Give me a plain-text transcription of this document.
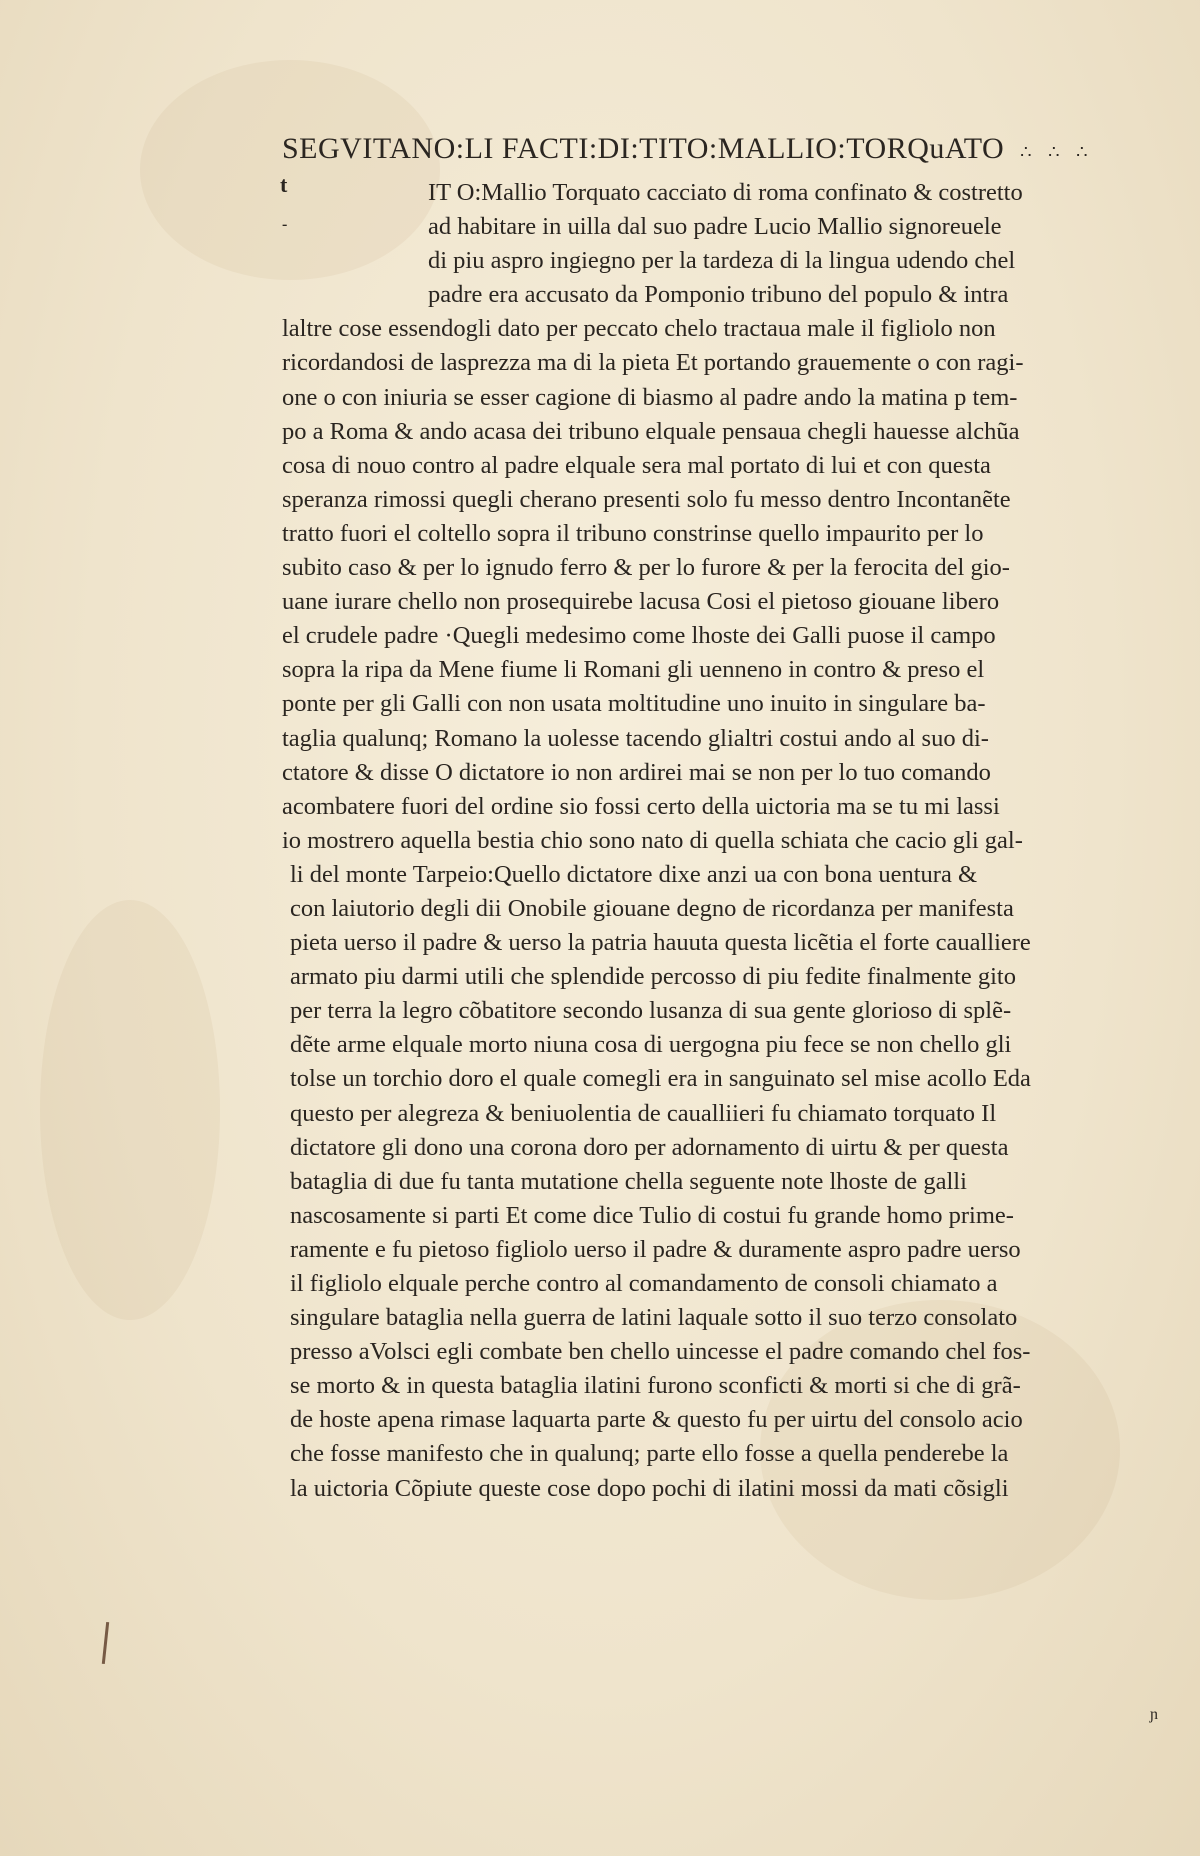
SEGVITANO:LI FACTI:DI:TITO:MALLIO:TORQuATO ∴ ∴ ∴
t
-
IT O:Mallio Torquato cacciato di roma confinato & costretto
ad habitare in uilla dal suo padre Lucio Mallio signoreuele
di piu aspro ingiegno per la tardeza di la lingua udendo chel
padre era accusato da Pomponio tribuno del populo & intra
laltre cose essendogli dato per peccato chelo tractaua male il figliolo non
ricordandosi de lasprezza ma di la pieta Et portando grauemente o con ragi-
one o con iniuria se esser cagione di biasmo al padre ando la matina p tem-
po a Roma & ando acasa dei tribuno elquale pensaua chegli hauesse alchũa
cosa di nouo contro al padre elquale sera mal portato di lui et con questa
speranza rimossi quegli cherano presenti solo fu messo dentro Incontanẽte
tratto fuori el coltello sopra il tribuno constrinse quello impaurito per lo
subito caso & per lo ignudo ferro & per lo furore & per la ferocita del gio-
uane iurare chello non prosequirebe lacusa Cosi el pietoso giouane libero
el crudele padre ·Quegli medesimo come lhoste dei Galli puose il campo
sopra la ripa da Mene fiume li Romani gli uenneno in contro & preso el
ponte per gli Galli con non usata moltitudine uno inuito in singulare ba-
taglia qualunq; Romano la uolesse tacendo glialtri costui ando al suo di-
ctatore & disse O dictatore io non ardirei mai se non per lo tuo comando
acombatere fuori del ordine sio fossi certo della uictoria ma se tu mi lassi
io mostrero aquella bestia chio sono nato di quella schiata che cacio gli gal-
li del monte Tarpeio:Quello dictatore dixe anzi ua con bona uentura &
con laiutorio degli dii Onobile giouane degno de ricordanza per manifesta
pieta uerso il padre & uerso la patria hauuta questa licẽtia el forte caualliere
armato piu darmi utili che splendide percosso di piu fedite finalmente gito
per terra la legro cõbatitore secondo lusanza di sua gente glorioso di splẽ-
dẽte arme elquale morto niuna cosa di uergogna piu fece se non chello gli
tolse un torchio doro el quale comegli era in sanguinato sel mise acollo Eda
questo per alegreza & beniuolentia de caualliieri fu chiamato torquato Il
dictatore gli dono una corona doro per adornamento di uirtu & per questa
bataglia di due fu tanta mutatione chella seguente note lhoste de galli
nascosamente si parti Et come dice Tulio di costui fu grande homo prime-
ramente e fu pietoso figliolo uerso il padre & duramente aspro padre uerso
il figliolo elquale perche contro al comandamento de consoli chiamato a
singulare bataglia nella guerra de latini laquale sotto il suo terzo consolato
presso aVolsci egli combate ben chello uincesse el padre comando chel fos-
se morto & in questa bataglia ilatini furono sconficti & morti si che di grã-
de hoste apena rimase laquarta parte & questo fu per uirtu del consolo acio
che fosse manifesto che in qualunq; parte ello fosse a quella penderebe la
la uictoria Cõpiute queste cose dopo pochi di ilatini mossi da mati cõsigli
ɲ
